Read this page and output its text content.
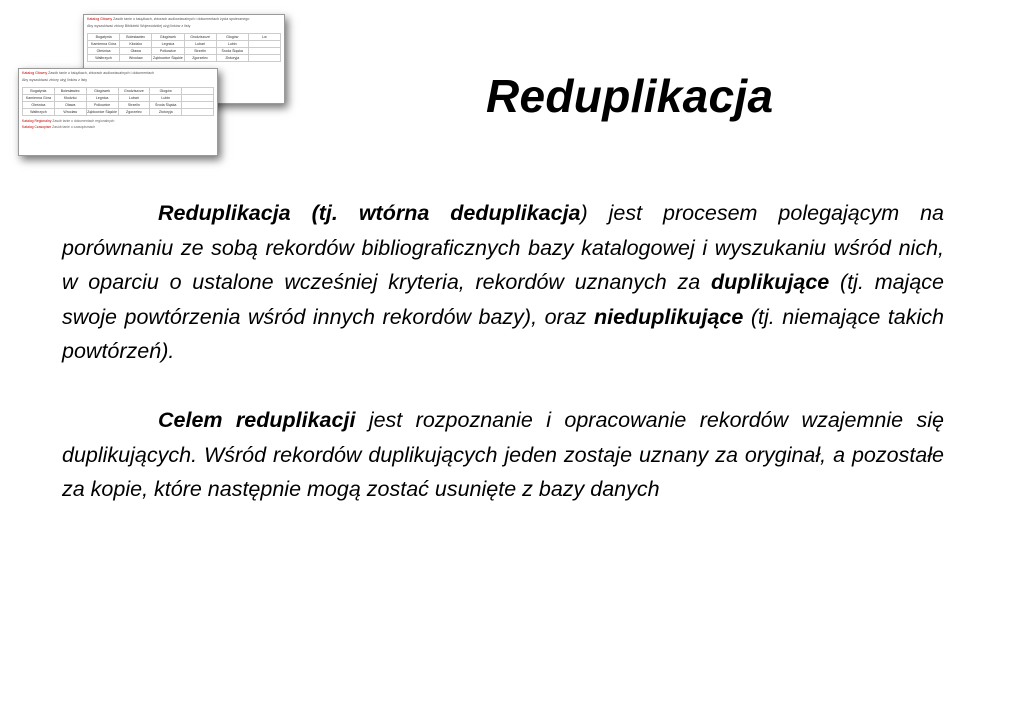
Katalog Główny Zasób tanie o książkach, zbiorach audiowizualnych i dokumentach życia społecznego
Aby wyszukiwać zbiory Biblioteki Wojewódzkiej użyj linków z listy
Bogatynia	Bolesławiec	Głogówek	Grodziszcze	Głogów	Lw
Kamienna Góra	Kłodzko	Legnica	Lubań	Lubin
Oleśnica	Oława	Polkowice	Strzelin	Środa Śląska
Wałbrzych	Wrocław	Ząbkowice Śląskie	Zgorzelec	Złotoryja
Katalog Główny Zasób tanie o książkach, zbiorach audiowizualnych i dokumentach
Aby wyszukiwać zbiory użyj linków z listy
Bogatynia	Bolesławiec	Głogówek	Grodziszcze	Głogów
Kamienna Góra	Kłodzko	Legnica	Lubań	Lubin
Oleśnica	Oława	Polkowice	Strzelin	Środa Śląska
Wałbrzych	Wrocław	Ząbkowice Śląskie	Zgorzelec	Złotoryja
Katalog Regionalny Zasób tanie o dokumentach regionalnych
Katalog Czasopism Zasób tanie o czasopismach
Reduplikacja

Reduplikacja (tj. wtórna deduplikacja) jest procesem polegającym na porównaniu ze sobą rekordów bibliograficznych bazy katalogowej i wyszukaniu wśród nich, w oparciu o ustalone wcześniej kryteria, rekordów uznanych za duplikujące (tj. mające swoje powtórzenia wśród innych rekordów bazy), oraz nieduplikujące (tj. niemające takich powtórzeń).

Celem reduplikacji jest rozpoznanie i opracowanie rekordów wzajemnie się duplikujących. Wśród rekordów duplikujących jeden zostaje uznany za oryginał, a pozostałe za kopie, które następnie mogą zostać usunięte z bazy danych
